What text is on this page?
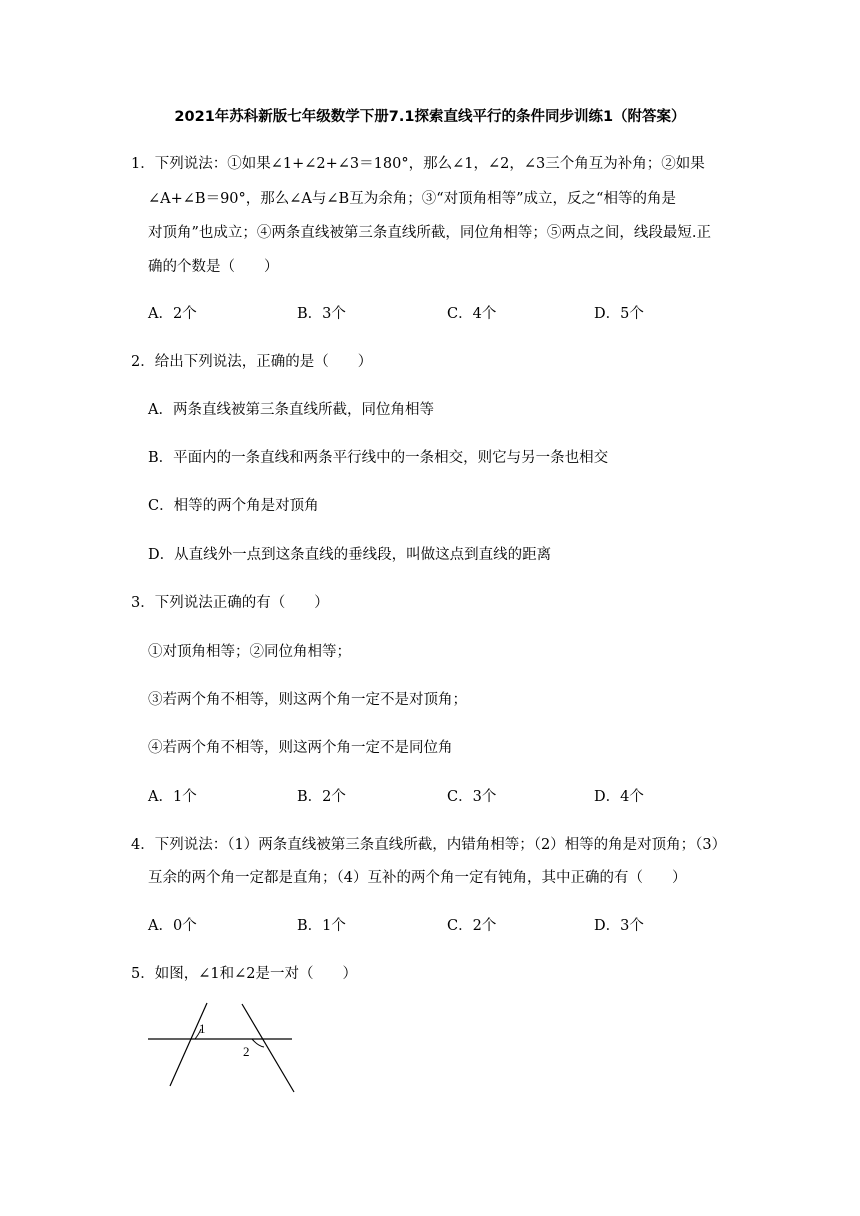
2021年苏科新版七年级数学下册7.1探索直线平行的条件同步训练1（附答案）
1．下列说法：①如果∠1+∠2+∠3＝180°，那么∠1，∠2，∠3三个角互为补角；②如果
∠A+∠B＝90°，那么∠A与∠B互为余角；③“对顶角相等”成立，反之“相等的角是
对顶角”也成立；④两条直线被第三条直线所截，同位角相等；⑤两点之间，线段最短.正
确的个数是（　　）
A．2个	B．3个	C．4个	D．5个
2．给出下列说法，正确的是（　　）
A．两条直线被第三条直线所截，同位角相等
B．平面内的一条直线和两条平行线中的一条相交，则它与另一条也相交
C．相等的两个角是对顶角
D．从直线外一点到这条直线的垂线段，叫做这点到直线的距离
3．下列说法正确的有（　　）
①对顶角相等；②同位角相等；
③若两个角不相等，则这两个角一定不是对顶角；
④若两个角不相等，则这两个角一定不是同位角
A．1个	B．2个	C．3个	D．4个
4．下列说法：（1）两条直线被第三条直线所截，内错角相等；（2）相等的角是对顶角；（3）
互余的两个角一定都是直角；（4）互补的两个角一定有钝角，其中正确的有（　　）
A．0个	B．1个	C．2个	D．3个
5．如图，∠1和∠2是一对（　　）
1
2
